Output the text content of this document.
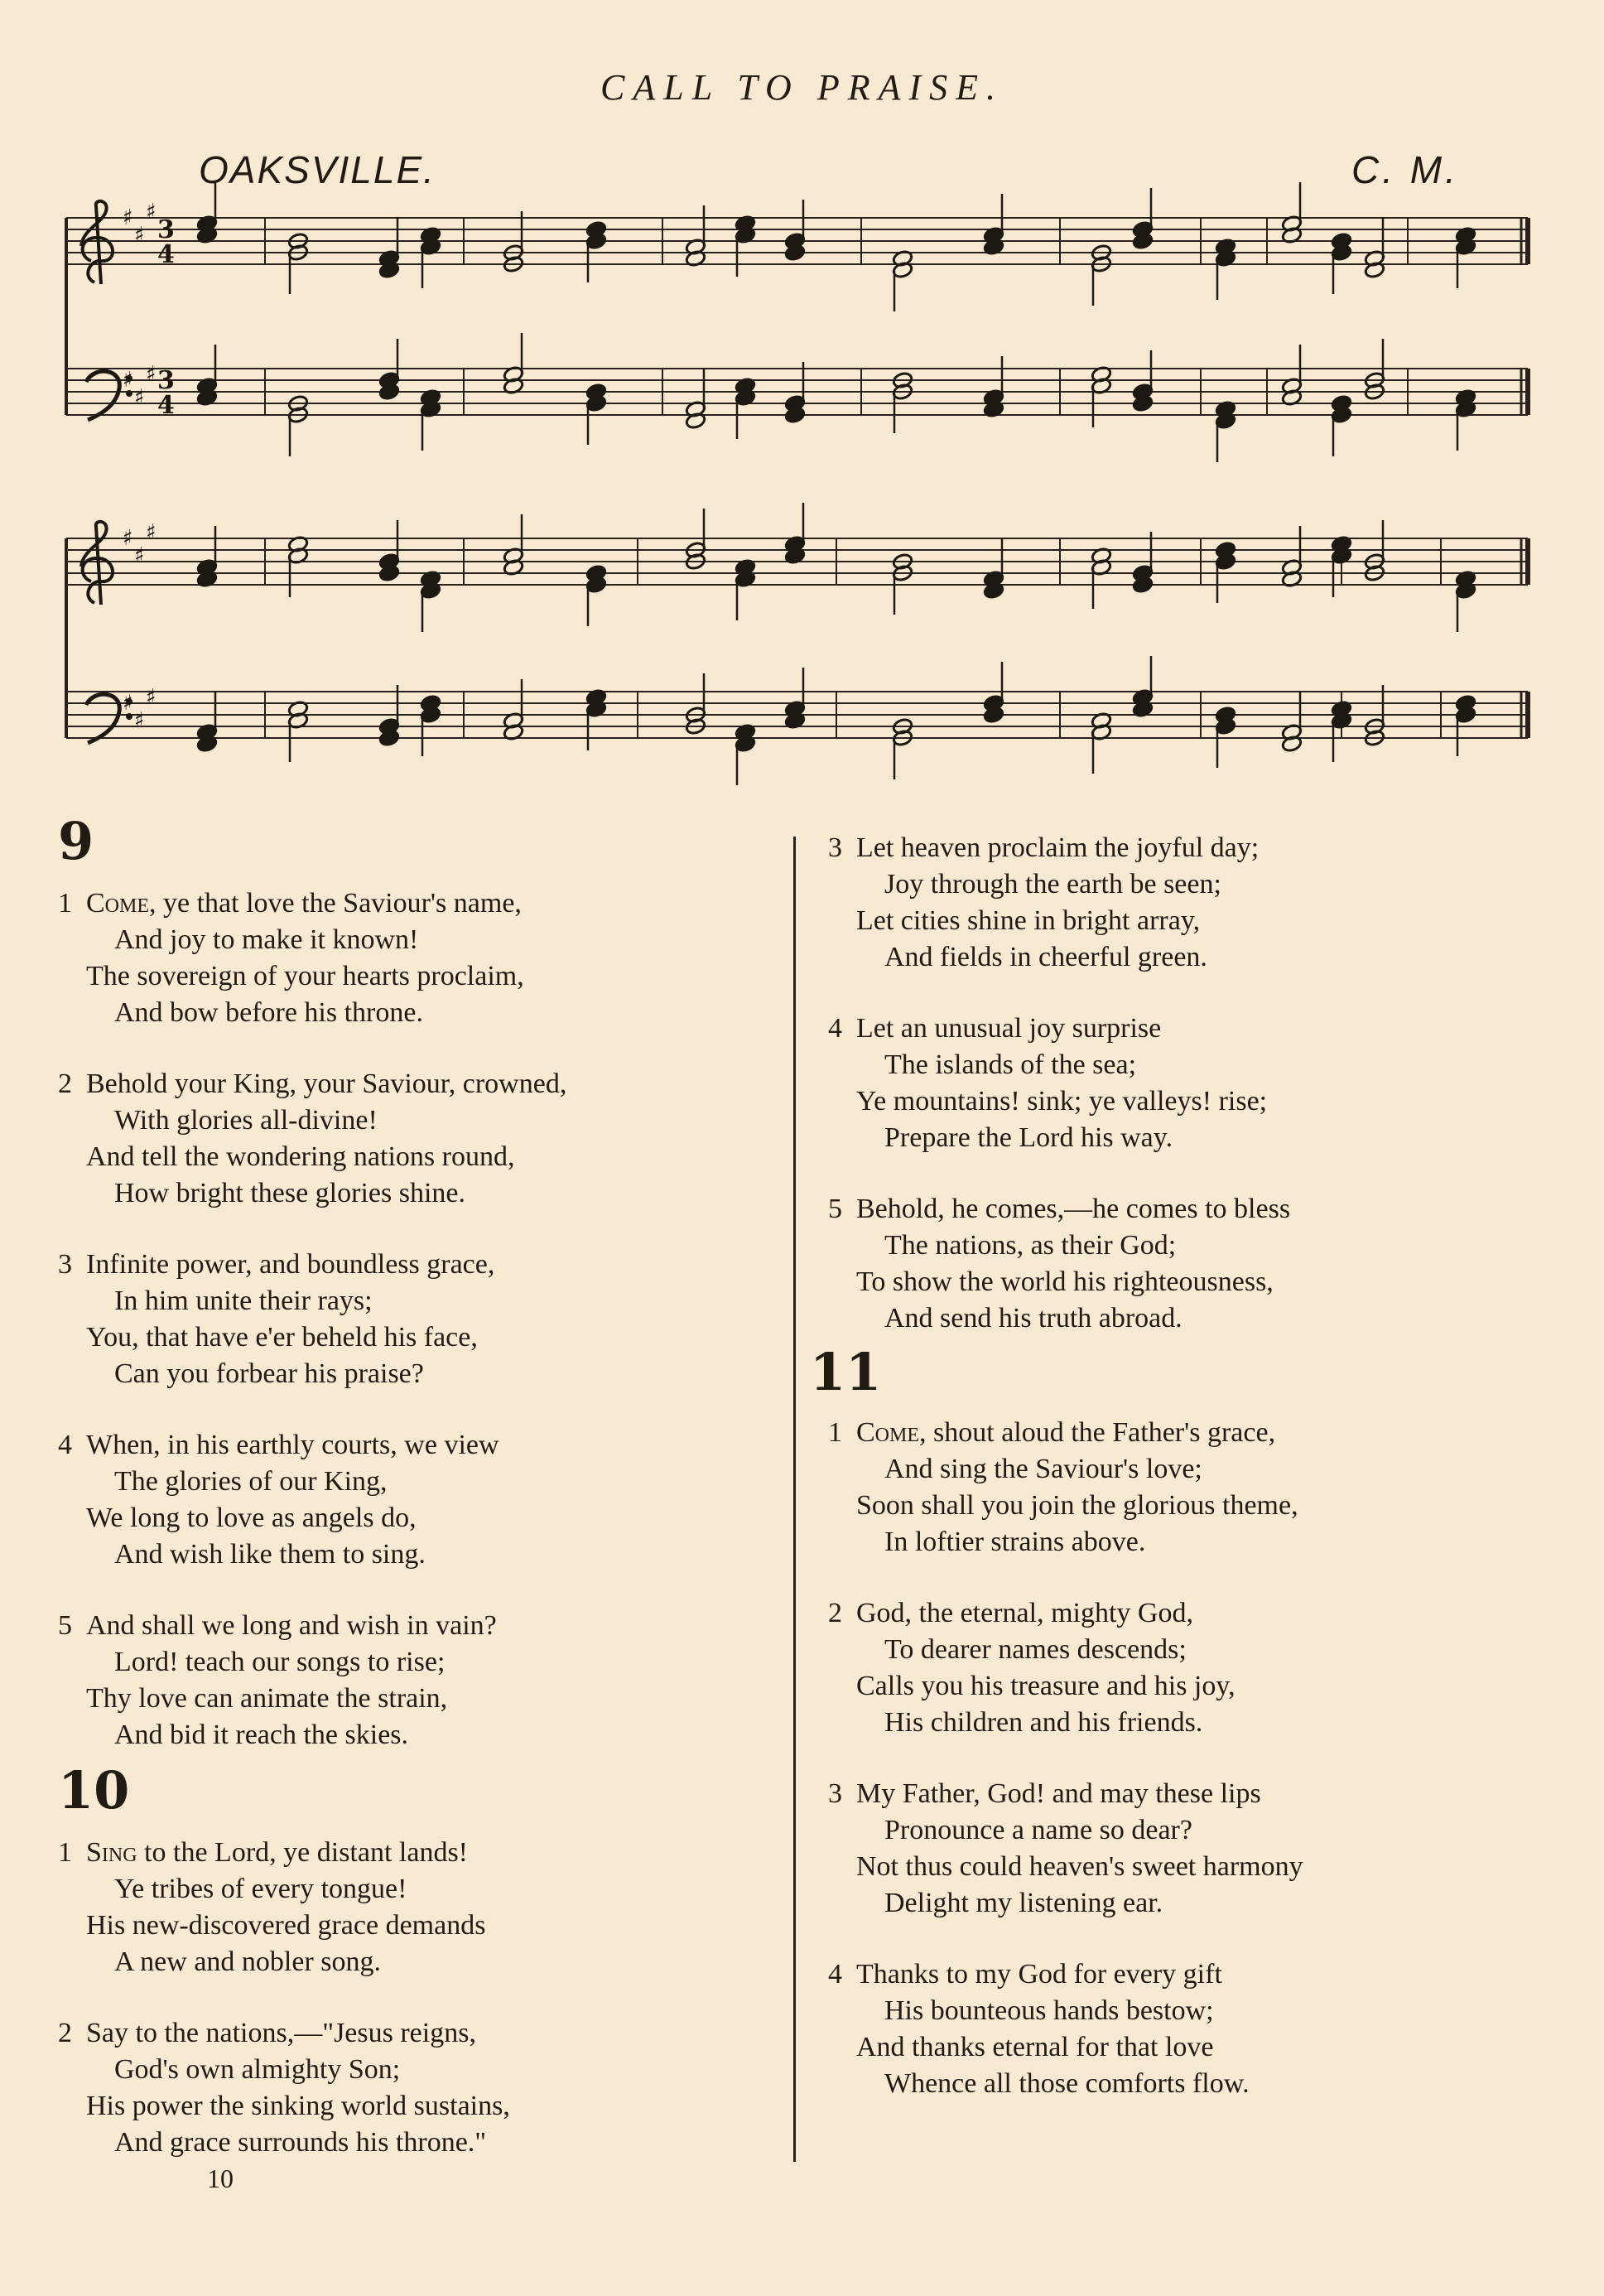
CALL TO PRAISE.
OAKSVILLE.	C. M.
♯
♯
♯
3
4
♯
♯
♯ 3
4
♯
♯
♯
♯
♯
♯
9
1 Come, ye that love the Saviour's name,
And joy to make it known!
The sovereign of your hearts proclaim,
And bow before his throne.
2 Behold your King, your Saviour, crowned,
With glories all-divine!
And tell the wondering nations round,
How bright these glories shine.
3 Infinite power, and boundless grace,
In him unite their rays;
You, that have e'er beheld his face,
Can you forbear his praise?
4 When, in his earthly courts, we view
The glories of our King,
We long to love as angels do,
And wish like them to sing.
5 And shall we long and wish in vain?
Lord! teach our songs to rise;
Thy love can animate the strain,
And bid it reach the skies.
10
1 Sing to the Lord, ye distant lands!
Ye tribes of every tongue!
His new-discovered grace demands
A new and nobler song.
2 Say to the nations,—"Jesus reigns,
God's own almighty Son;
His power the sinking world sustains,
And grace surrounds his throne."
3 Let heaven proclaim the joyful day;
Joy through the earth be seen;
Let cities shine in bright array,
And fields in cheerful green.
4 Let an unusual joy surprise
The islands of the sea;
Ye mountains! sink; ye valleys! rise;
Prepare the Lord his way.
5 Behold, he comes,—he comes to bless
The nations, as their God;
To show the world his righteousness,
And send his truth abroad.
11
1 Come, shout aloud the Father's grace,
And sing the Saviour's love;
Soon shall you join the glorious theme,
In loftier strains above.
2 God, the eternal, mighty God,
To dearer names descends;
Calls you his treasure and his joy,
His children and his friends.
3 My Father, God! and may these lips
Pronounce a name so dear?
Not thus could heaven's sweet harmony
Delight my listening ear.
4 Thanks to my God for every gift
His bounteous hands bestow;
And thanks eternal for that love
Whence all those comforts flow.
10
